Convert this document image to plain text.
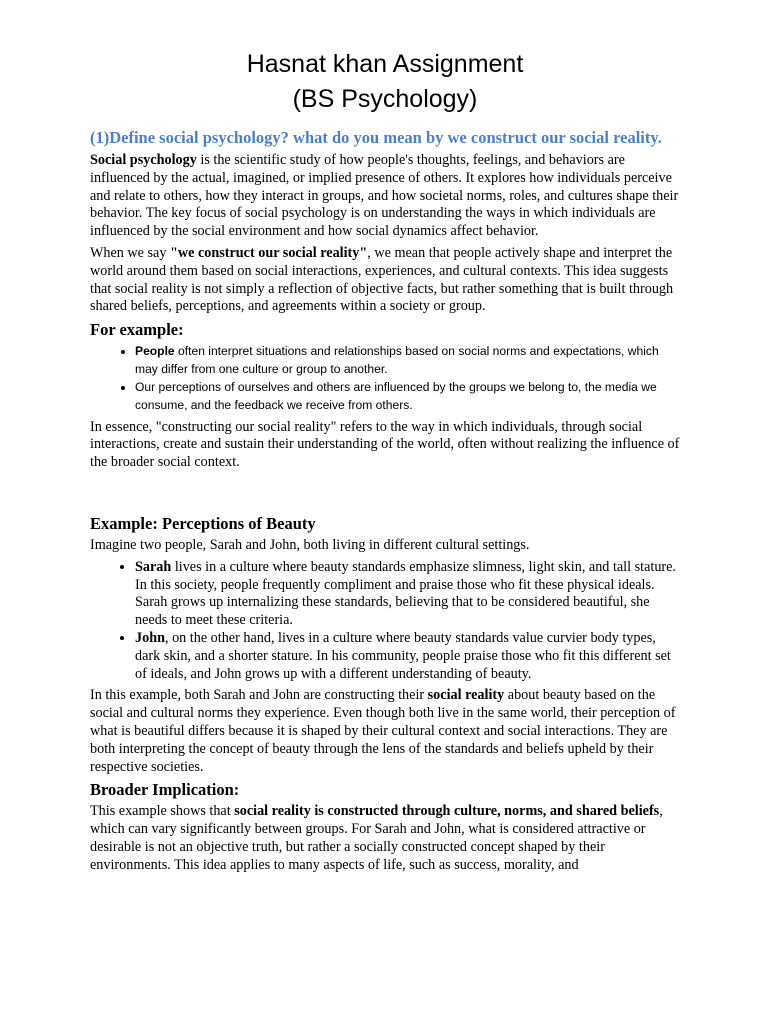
Hasnat khan Assignment
(BS Psychology)
(1)Define social psychology? what do you mean by we construct our social reality.

Social psychology is the scientific study of how people's thoughts, feelings, and behaviors are influenced by the actual, imagined, or implied presence of others. It explores how individuals perceive and relate to others, how they interact in groups, and how societal norms, roles, and cultures shape their behavior. The key focus of social psychology is on understanding the ways in which individuals are influenced by the social environment and how social dynamics affect behavior.

When we say "we construct our social reality", we mean that people actively shape and interpret the world around them based on social interactions, experiences, and cultural contexts. This idea suggests that social reality is not simply a reflection of objective facts, but rather something that is built through shared beliefs, perceptions, and agreements within a society or group.

For example:
• People often interpret situations and relationships based on social norms and expectations, which may differ from one culture or group to another.
• Our perceptions of ourselves and others are influenced by the groups we belong to, the media we consume, and the feedback we receive from others.

In essence, "constructing our social reality" refers to the way in which individuals, through social interactions, create and sustain their understanding of the world, often without realizing the influence of the broader social context.

Example: Perceptions of Beauty

Imagine two people, Sarah and John, both living in different cultural settings.

• Sarah lives in a culture where beauty standards emphasize slimness, light skin, and tall stature. In this society, people frequently compliment and praise those who fit these physical ideals. Sarah grows up internalizing these standards, believing that to be considered beautiful, she needs to meet these criteria.
• John, on the other hand, lives in a culture where beauty standards value curvier body types, dark skin, and a shorter stature. In his community, people praise those who fit this different set of ideals, and John grows up with a different understanding of beauty.

In this example, both Sarah and John are constructing their social reality about beauty based on the social and cultural norms they experience. Even though both live in the same world, their perception of what is beautiful differs because it is shaped by their cultural context and social interactions. They are both interpreting the concept of beauty through the lens of the standards and beliefs upheld by their respective societies.

Broader Implication:

This example shows that social reality is constructed through culture, norms, and shared beliefs, which can vary significantly between groups. For Sarah and John, what is considered attractive or desirable is not an objective truth, but rather a socially constructed concept shaped by their environments. This idea applies to many aspects of life, such as success, morality, and
